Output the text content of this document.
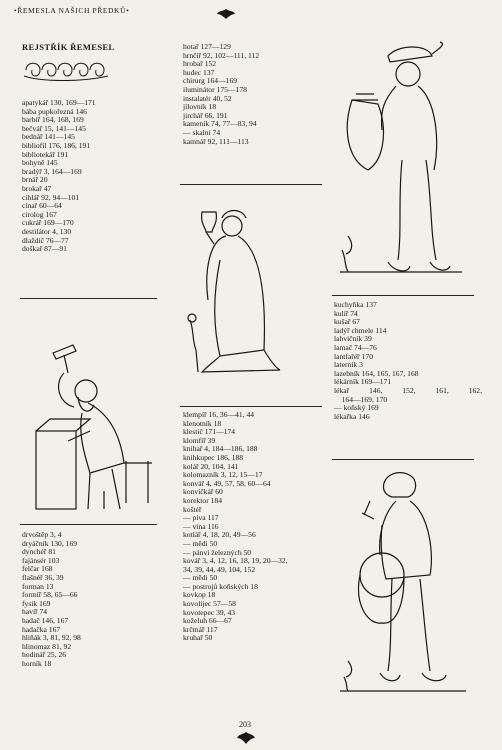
•ŘEMESLA NAŠICH PŘEDKŮ•
REJSTŘÍK ŘEMESEL
apatykář 130, 169—171
bába pupkořezná 146
barbíř 164, 168, 169
bečvář 15, 141—145
bednář 141—145
bibliofil 176, 186, 191
bibliotekář 191
bohyně 145
bradýř 3, 164—169
brnář 20
brokař 47
cihlář 92, 94—101
cínař 60—64
cirolog 167
cukrář 169—170
destilátor 4, 130
dlaždič 76—77
doškař 87—91
drvoštěp 3, 4
dryáčník 130, 169
dynchéř 81
fajánsér 103
felčar 168
flašnéř 36, 39
forman 13
formíř 58, 65—66
fysik 169
havíř 74
hadač 146, 167
hadačka 167
hliňák 3, 81, 92, 98
hlinomaz 81, 92
hodinář 25, 26
horník 18
hotař 127—129
hrnčíř 92, 102—111, 112
hrobař 152
hudec 137
chirurg 164—169
iluminátor 175—178
instalatér 40, 52
jílovník 18
jirchář 66, 191
kameník 74, 77—83, 94
— skalní 74
kamnář 92, 111—113
klempíř 16, 36—41, 44
klenotník 18
klestič 171—174
klomfíř 39
knihař 4, 184—186, 188
knihkupec 186, 188
kolář 20, 104, 141
kolomazník 3, 12, 15—17
konvář 4, 49, 57, 58, 60—64
konvičkář 60
korektor 184
koštéř
— piva 117
— vína 116
kotlář 4, 18, 20, 49—56
— mědi 50
— pánví železných 50
kovář 3, 4, 12, 16, 18, 19, 20—32,
34, 39, 44, 49, 104, 152
— mědi 50
— postrojů koňských 18
kovkop 18
kovolijec 57—58
kovotepec 39, 43
koželuh 66—67
krčmář 117
kruhař 50
kuchyňka 137
kulíř 74
kušař 67
ladýř chmele 114
lahvičník 39
lamač 74—76
lantfařéř 170
laterník 3
lazebník 164, 165, 167, 168
lékárník 169—171
lékař	146,	152,	161,	162,
164—169, 170
— koňský 169
lékařka 146
203
